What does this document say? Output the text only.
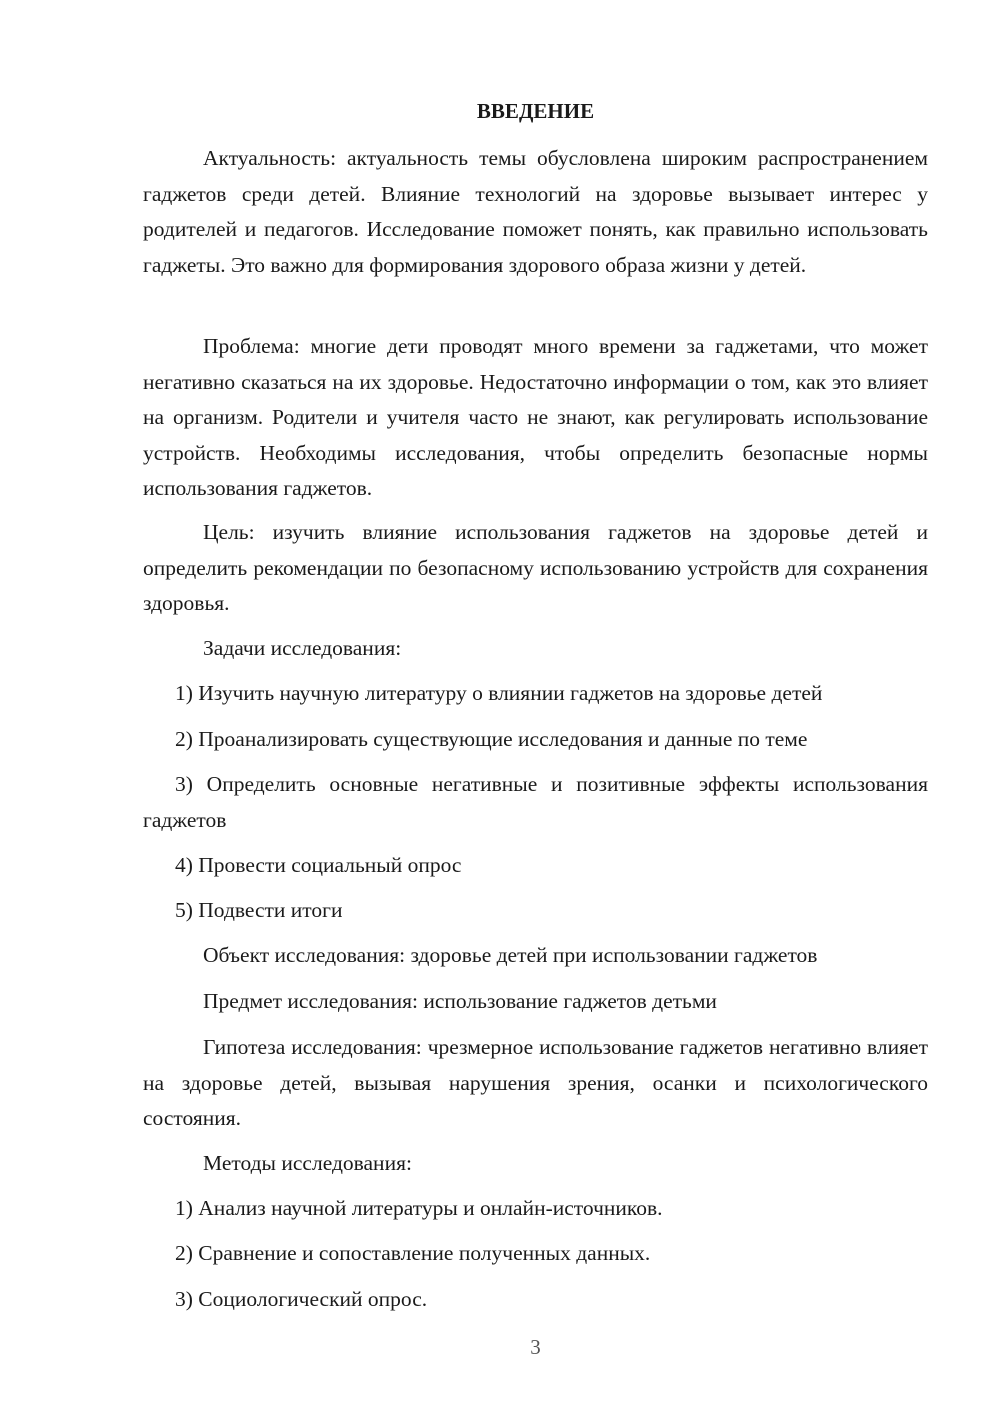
ВВЕДЕНИЕ

Актуальность: актуальность темы обусловлена широким распространением гаджетов среди детей. Влияние технологий на здоровье вызывает интерес у родителей и педагогов. Исследование поможет понять, как правильно использовать гаджеты. Это важно для формирования здорового образа жизни у детей.

Проблема: многие дети проводят много времени за гаджетами, что может негативно сказаться на их здоровье. Недостаточно информации о том, как это влияет на организм. Родители и учителя часто не знают, как регулировать использование устройств. Необходимы исследования, чтобы определить безопасные нормы использования гаджетов.

Цель: изучить влияние использования гаджетов на здоровье детей и определить рекомендации по безопасному использованию устройств для сохранения здоровья.

Задачи исследования:

1) Изучить научную литературу о влиянии гаджетов на здоровье детей

2) Проанализировать существующие исследования и данные по теме

3) Определить основные негативные и позитивные эффекты использования гаджетов

4) Провести социальный опрос

5) Подвести итоги

Объект исследования: здоровье детей при использовании гаджетов

Предмет исследования: использование гаджетов детьми

Гипотеза исследования: чрезмерное использование гаджетов негативно влияет на здоровье детей, вызывая нарушения зрения, осанки и психологического состояния.

Методы исследования:

1) Анализ научной литературы и онлайн-источников.

2) Сравнение и сопоставление полученных данных.

3) Социологический опрос.

3
